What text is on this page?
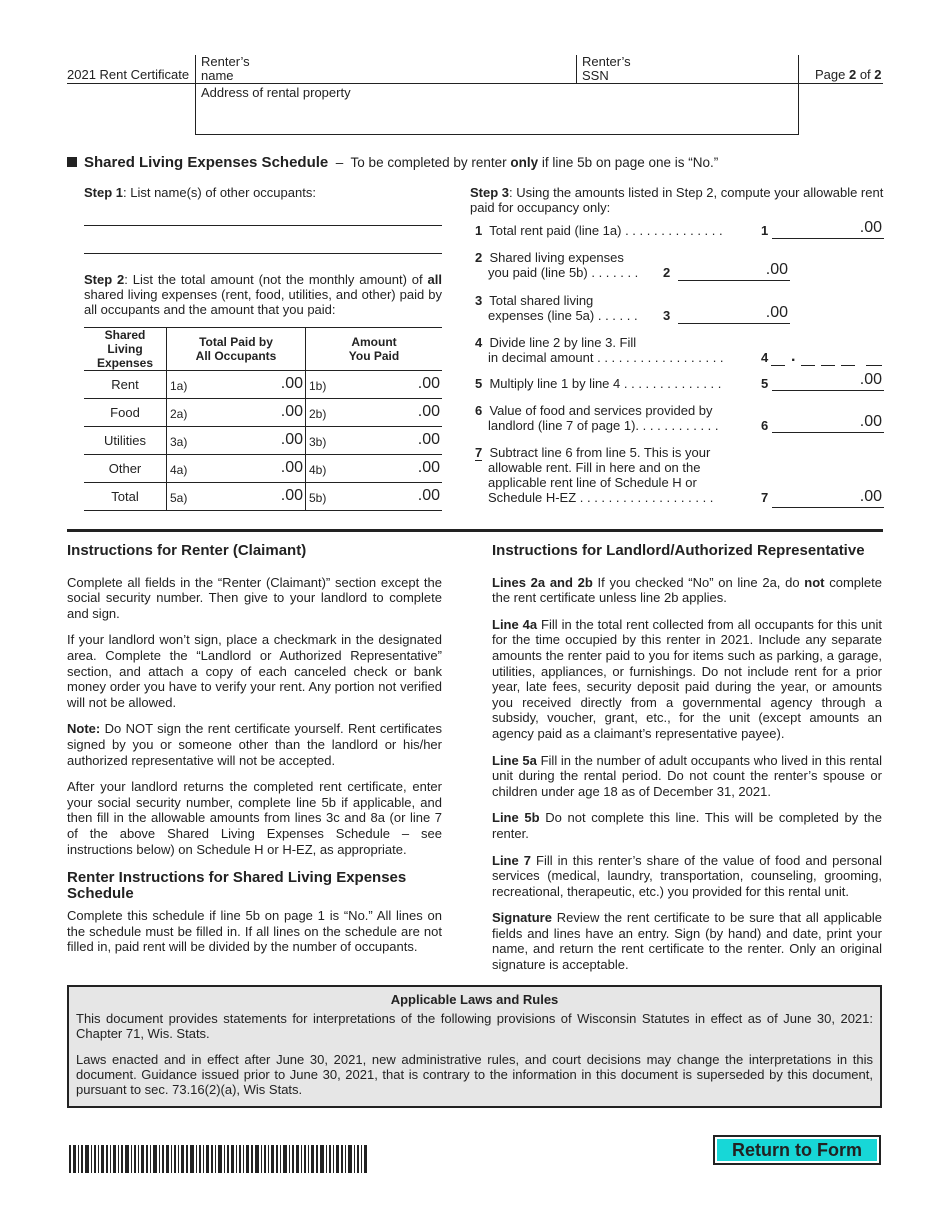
2021 Rent Certificate
Renter’s
name
Renter’s
SSN	Page 2 of 2
Address of rental property
Shared Living Expenses Schedule – To be completed by renter only if line 5b on page one is “No.”
Step 1: List name(s) of other occupants:
Step 2: List the total amount (not the monthly amount) of all shared living expenses (rent, food, utilities, and other) paid by all occupants and the amount that you paid:
Shared Living Expenses	Total Paid by All Occupants	Amount You Paid
Rent	1a) .00	1b) .00

Food	2a) .00	2b) .00

Utilities	3a) .00	3b) .00

Other	4a) .00	4b) .00

Total	5a) .00	5b) .00
Step 3: Using the amounts listed in Step 2, compute your allowable rent paid for occupancy only:
1 Total rent paid (line 1a) . . . . . . . . . . . . . .	1	.00
2 Shared living expenses
you paid (line 5b) . . . . . . . 2	.00
3 Total shared living
expenses (line 5a) . . . . . . 3	.00
4 Divide line 2 by line 3. Fill
in decimal amount . . . . . . . . . . . . . . . . . .	4 .
5 Multiply line 1 by line 4 . . . . . . . . . . . . . .	5	.00
6 Value of food and services provided by
landlord (line 7 of page 1). . . . . . . . . . . .	6	.00
7 Subtract line 6 from line 5. This is your
allowable rent. Fill in here and on the
applicable rent line of Schedule H or
Schedule H-EZ . . . . . . . . . . . . . . . . . . .	7	.00
Instructions for Renter (Claimant)

Complete all fields in the “Renter (Claimant)” section except the social security number. Then give to your landlord to complete and sign.

If your landlord won’t sign, place a checkmark in the designated area. Complete the “Landlord or Authorized Representative” section, and attach a copy of each canceled check or bank money order you have to verify your rent. Any portion not verified will not be allowed.

Note: Do NOT sign the rent certificate yourself. Rent certificates signed by you or someone other than the landlord or his/her authorized representative will not be accepted.

After your landlord returns the completed rent certificate, enter your social security number, complete line 5b if applicable, and then fill in the allowable amounts from lines 3c and 8a (or line 7 of the above Shared Living Expenses Schedule – see instructions below) on Schedule H or H-EZ, as appropriate.

Renter Instructions for Shared Living Expenses Schedule

Complete this schedule if line 5b on page 1 is “No.” All lines on the schedule must be filled in. If all lines on the schedule are not filled in, paid rent will be divided by the number of occupants.

Instructions for Landlord/Authorized Representative

Lines 2a and 2b If you checked “No” on line 2a, do not complete the rent certificate unless line 2b applies.

Line 4a Fill in the total rent collected from all occupants for this unit for the time occupied by this renter in 2021. Include any separate amounts the renter paid to you for items such as parking, a garage, utilities, appliances, or furnishings. Do not include rent for a prior year, late fees, security deposit paid during the year, or amounts you received directly from a governmental agency through a subsidy, voucher, grant, etc., for the unit (except amounts an agency paid as a claimant’s representative payee).

Line 5a Fill in the number of adult occupants who lived in this rental unit during the rental period. Do not count the renter’s spouse or children under age 18 as of December 31, 2021.

Line 5b Do not complete this line. This will be completed by the renter.

Line 7 Fill in this renter’s share of the value of food and personal services (medical, laundry, transportation, counseling, grooming, recreational, therapeutic, etc.) you provided for this rental unit.

Signature Review the rent certificate to be sure that all applicable fields and lines have an entry. Sign (by hand) and date, print your name, and return the rent certificate to the renter. Only an original signature is acceptable.

Applicable Laws and Rules

This document provides statements for interpretations of the following provisions of Wisconsin Statutes in effect as of June 30, 2021: Chapter 71, Wis. Stats.

Laws enacted and in effect after June 30, 2021, new administrative rules, and court decisions may change the interpretations in this document. Guidance issued prior to June 30, 2021, that is contrary to the information in this document is superseded by this document, pursuant to sec. 73.16(2)(a), Wis Stats.

Return to Form
